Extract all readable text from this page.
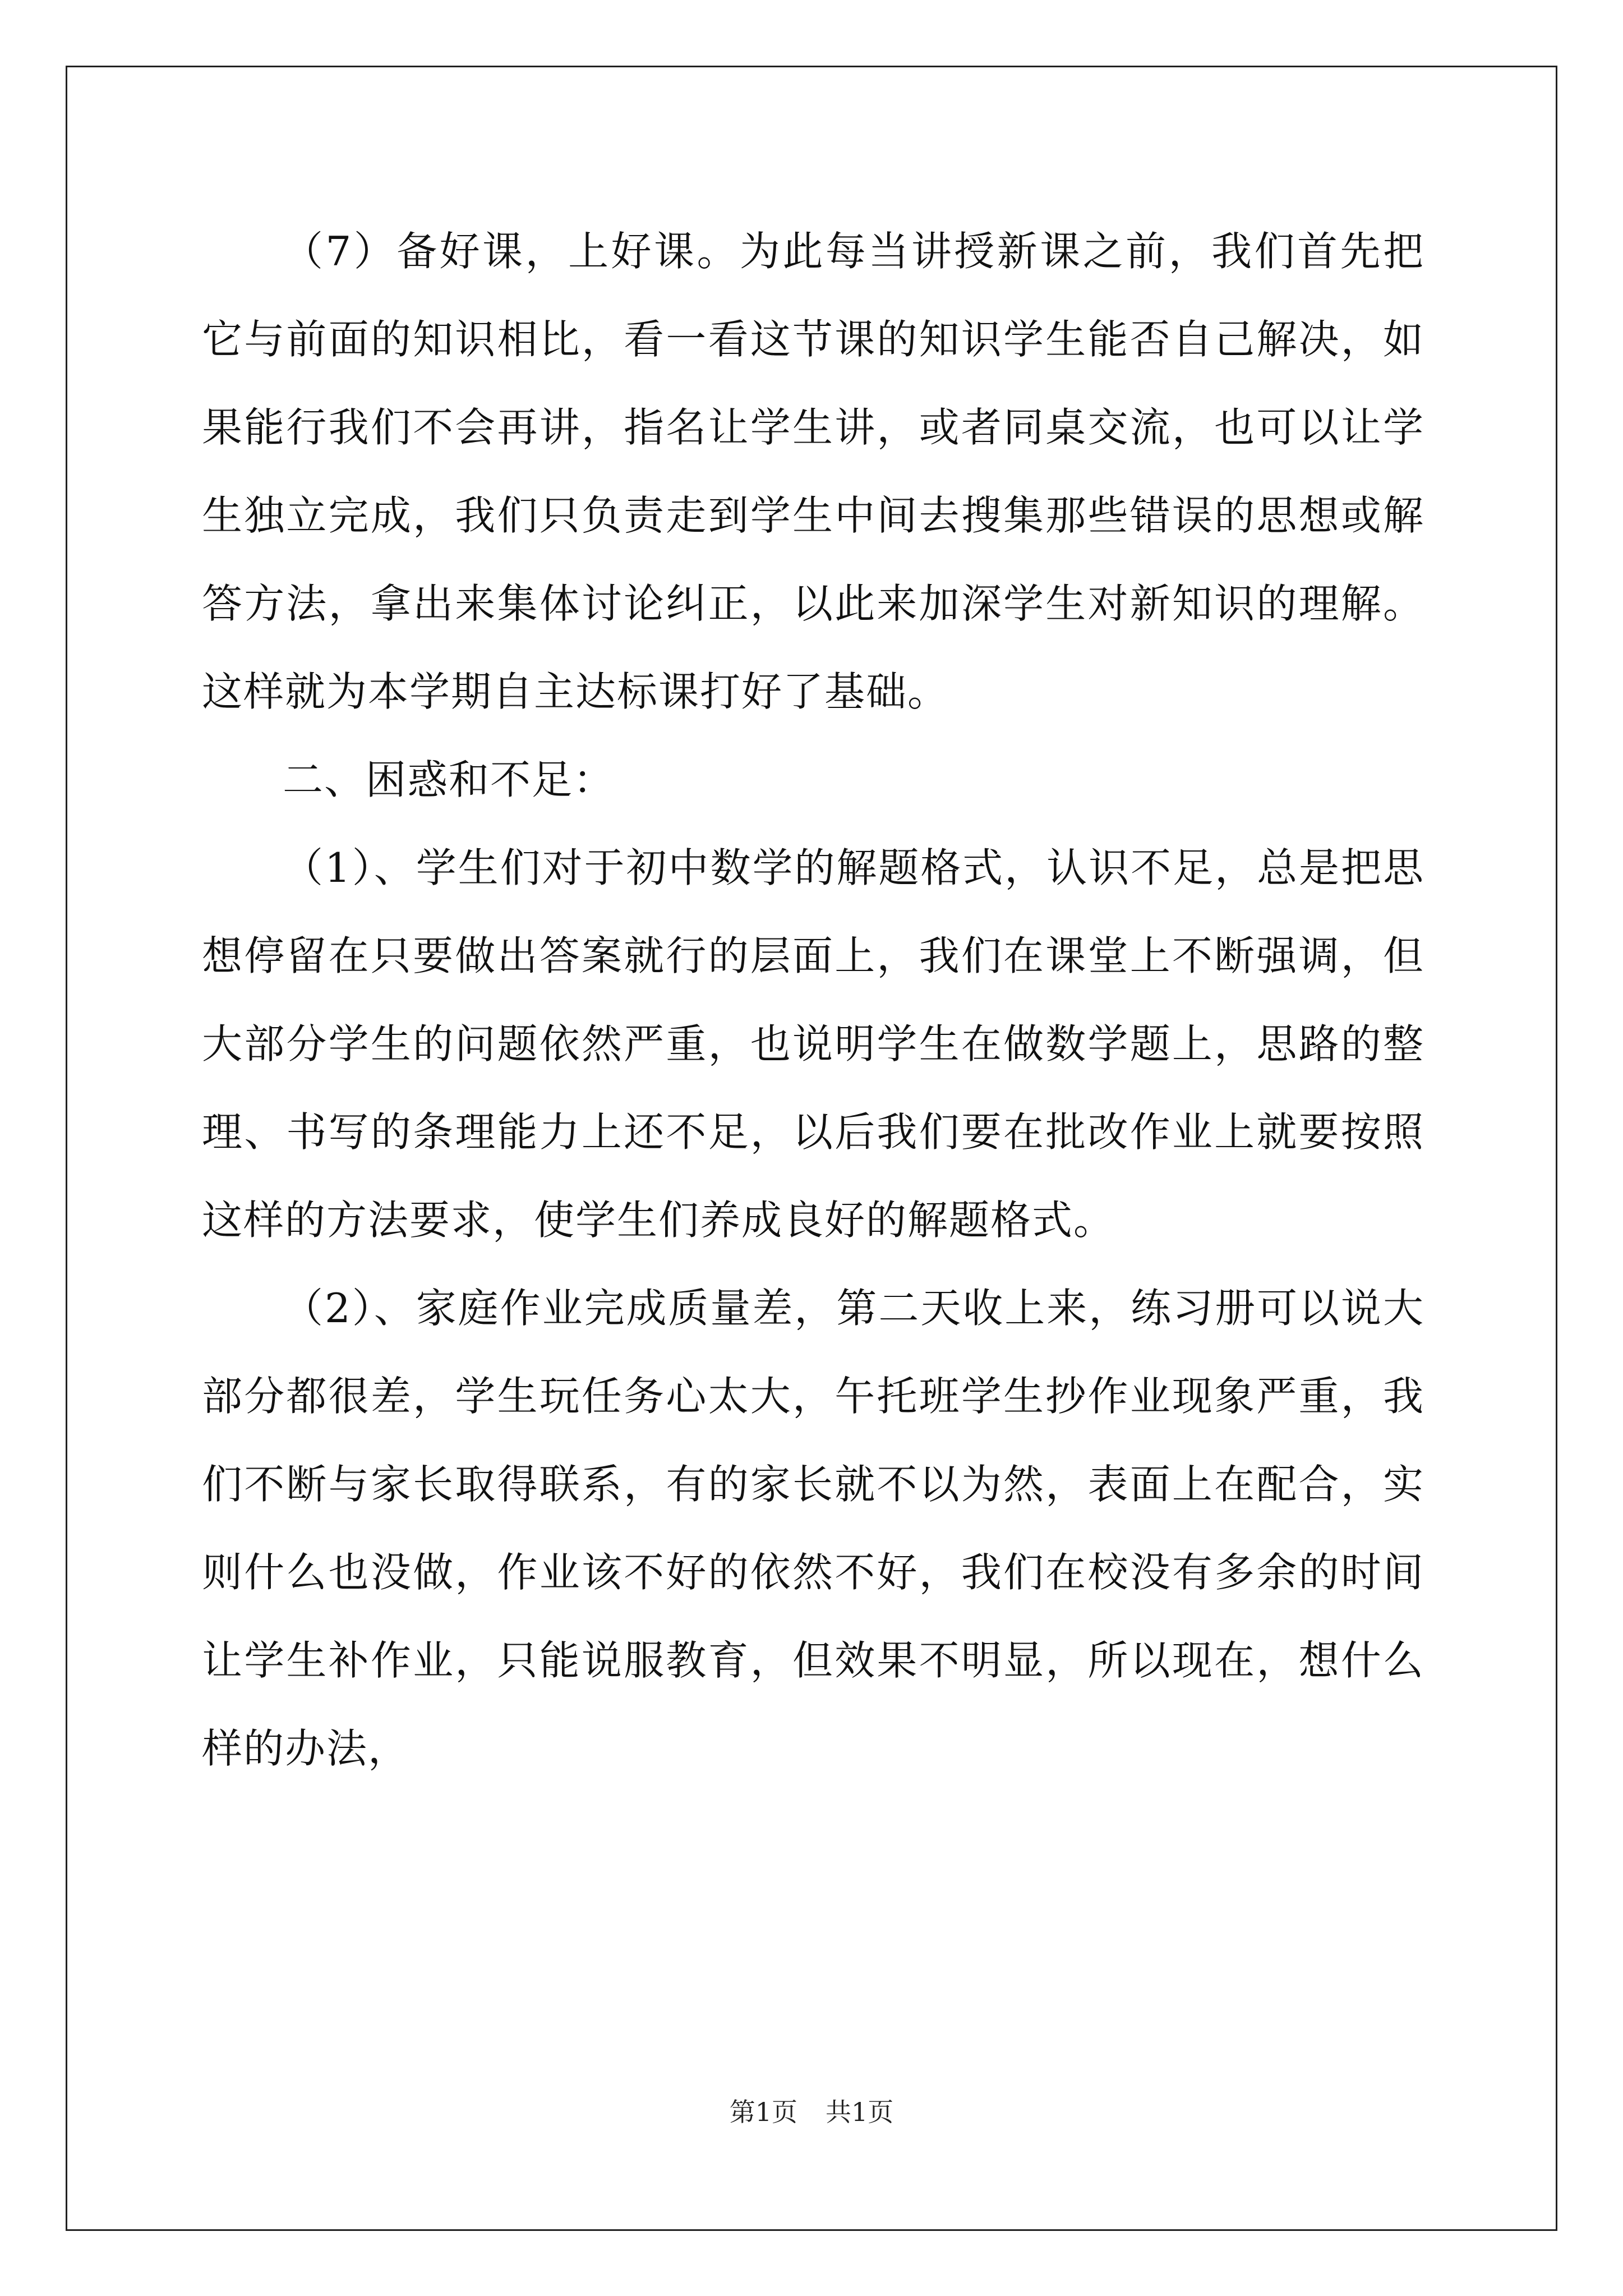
（7）备好课，上好课。为此每当讲授新课之前，我们首先把它与前面的知识相比，看一看这节课的知识学生能否自己解决，如果能行我们不会再讲，指名让学生讲，或者同桌交流，也可以让学生独立完成，我们只负责走到学生中间去搜集那些错误的思想或解答方法，拿出来集体讨论纠正，以此来加深学生对新知识的理解。这样就为本学期自主达标课打好了基础。

二、困惑和不足：

（1）、学生们对于初中数学的解题格式，认识不足，总是把思想停留在只要做出答案就行的层面上，我们在课堂上不断强调，但大部分学生的问题依然严重，也说明学生在做数学题上，思路的整理、书写的条理能力上还不足，以后我们要在批改作业上就要按照这样的方法要求，使学生们养成良好的解题格式。

（2）、家庭作业完成质量差，第二天收上来，练习册可以说大部分都很差，学生玩任务心太大，午托班学生抄作业现象严重，我们不断与家长取得联系，有的家长就不以为然，表面上在配合，实则什么也没做，作业该不好的依然不好，我们在校没有多余的时间让学生补作业，只能说服教育，但效果不明显，所以现在，想什么样的办法，

第1页 共1页
